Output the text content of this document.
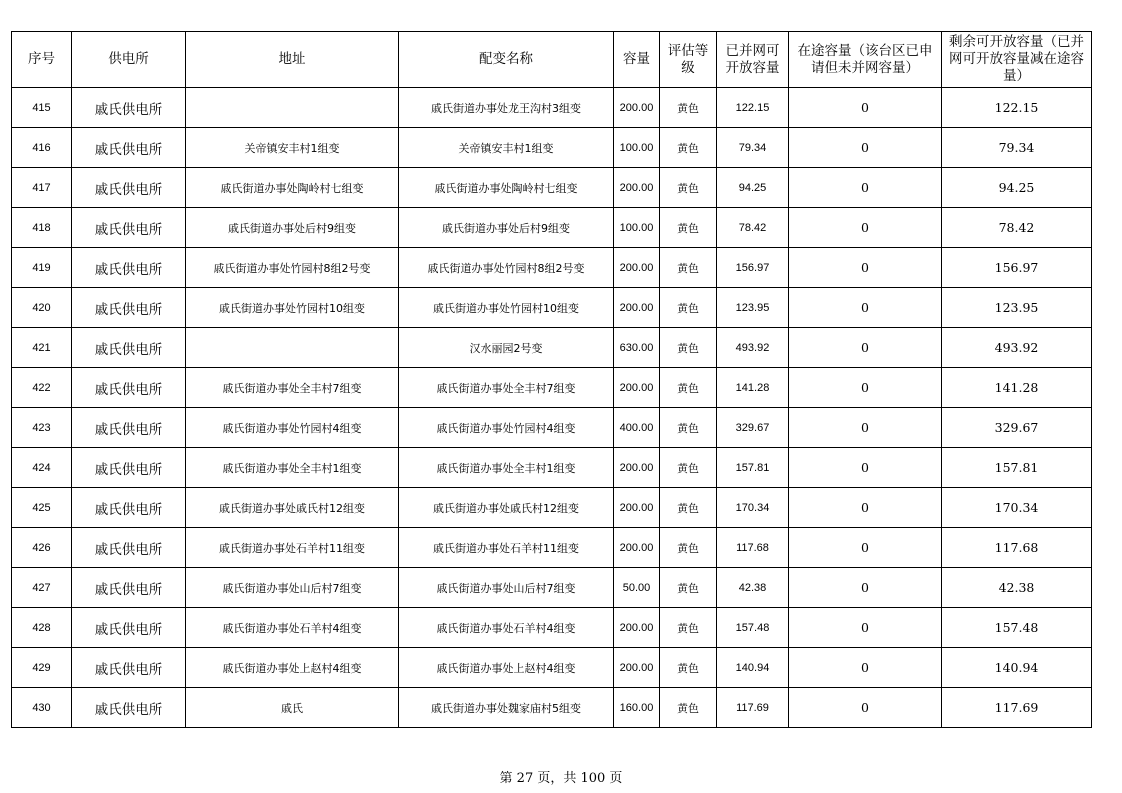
序号	供电所	地址	配变名称	容量	评估等级	已并网可开放容量	在途容量（该台区已申请但未并网容量）	剩余可开放容量（已并网可开放容量减在途容量）
415	戚氏供电所		戚氏街道办事处龙王沟村3组变	200.00	黄色	122.15	0	122.15
416	戚氏供电所	关帝镇安丰村1组变	关帝镇安丰村1组变	100.00	黄色	79.34	0	79.34
417	戚氏供电所	戚氏街道办事处陶岭村七组变	戚氏街道办事处陶岭村七组变	200.00	黄色	94.25	0	94.25
418	戚氏供电所	戚氏街道办事处后村9组变	戚氏街道办事处后村9组变	100.00	黄色	78.42	0	78.42
419	戚氏供电所	戚氏街道办事处竹园村8组2号变	戚氏街道办事处竹园村8组2号变	200.00	黄色	156.97	0	156.97
420	戚氏供电所	戚氏街道办事处竹园村10组变	戚氏街道办事处竹园村10组变	200.00	黄色	123.95	0	123.95
421	戚氏供电所		汉水丽园2号变	630.00	黄色	493.92	0	493.92
422	戚氏供电所	戚氏街道办事处全丰村7组变	戚氏街道办事处全丰村7组变	200.00	黄色	141.28	0	141.28
423	戚氏供电所	戚氏街道办事处竹园村4组变	戚氏街道办事处竹园村4组变	400.00	黄色	329.67	0	329.67
424	戚氏供电所	戚氏街道办事处全丰村1组变	戚氏街道办事处全丰村1组变	200.00	黄色	157.81	0	157.81
425	戚氏供电所	戚氏街道办事处戚氏村12组变	戚氏街道办事处戚氏村12组变	200.00	黄色	170.34	0	170.34
426	戚氏供电所	戚氏街道办事处石羊村11组变	戚氏街道办事处石羊村11组变	200.00	黄色	117.68	0	117.68
427	戚氏供电所	戚氏街道办事处山后村7组变	戚氏街道办事处山后村7组变	50.00	黄色	42.38	0	42.38
428	戚氏供电所	戚氏街道办事处石羊村4组变	戚氏街道办事处石羊村4组变	200.00	黄色	157.48	0	157.48
429	戚氏供电所	戚氏街道办事处上赵村4组变	戚氏街道办事处上赵村4组变	200.00	黄色	140.94	0	140.94
430	戚氏供电所	戚氏	戚氏街道办事处魏家庙村5组变	160.00	黄色	117.69	0	117.69
第 27 页，共 100 页
